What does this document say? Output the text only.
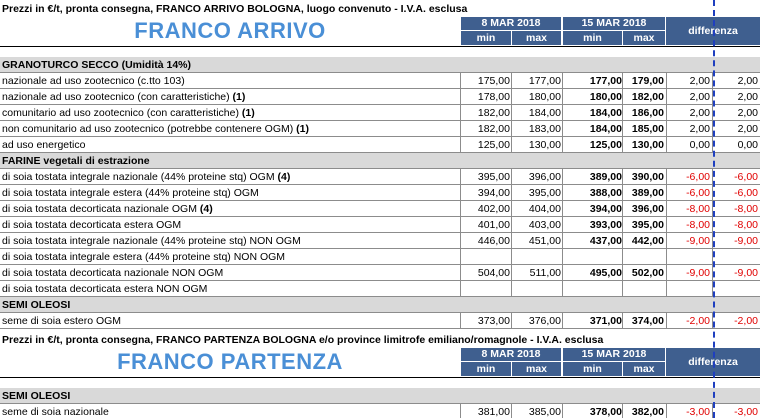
Prezzi in €/t, pronta consegna, FRANCO ARRIVO BOLOGNA, luogo convenuto - I.V.A. esclusa
FRANCO ARRIVO	8 MAR 2018	15 MAR 2018
min	max	min	max
differenza
GRANOTURCO SECCO (Umidità 14%)
nazionale ad uso zootecnico (c.tto 103)	175,00	177,00	177,00 179,00	2,00	2,00
nazionale ad uso zootecnico (con caratteristiche) (1)	178,00	180,00	180,00 182,00	2,00	2,00
comunitario ad uso zootecnico (con caratteristiche) (1)	182,00	184,00	184,00 186,00	2,00	2,00
non comunitario ad uso zootecnico (potrebbe contenere OGM) (1)	182,00	183,00	184,00 185,00	2,00	2,00
ad uso energetico	125,00	130,00	125,00 130,00	0,00	0,00
FARINE vegetali di estrazione
di soia tostata integrale nazionale (44% proteine stq) OGM (4)	395,00	396,00	389,00 390,00	-6,00	-6,00
di soia tostata integrale estera (44% proteine stq) OGM	394,00	395,00	388,00 389,00	-6,00	-6,00
di soia tostata decorticata nazionale OGM (4)	402,00	404,00	394,00 396,00	-8,00	-8,00
di soia tostata decorticata estera OGM	401,00	403,00	393,00 395,00	-8,00	-8,00
di soia tostata integrale nazionale (44% proteine stq) NON OGM	446,00	451,00	437,00 442,00	-9,00	-9,00
di soia tostata integrale estera (44% proteine stq) NON OGM
di soia tostata decorticata nazionale NON OGM	504,00	511,00	495,00 502,00	-9,00	-9,00
di soia tostata decorticata estera NON OGM
SEMI OLEOSI
seme di soia estero OGM	373,00	376,00	371,00 374,00	-2,00	-2,00
Prezzi in €/t, pronta consegna, FRANCO PARTENZA BOLOGNA e/o province limitrofe emiliano/romagnole - I.V.A. esclusa
FRANCO PARTENZA	8 MAR 2018	15 MAR 2018
min	max	min	max
differenza
SEMI OLEOSI
seme di soia nazionale	381,00	385,00	378,00 382,00	-3,00	-3,00
